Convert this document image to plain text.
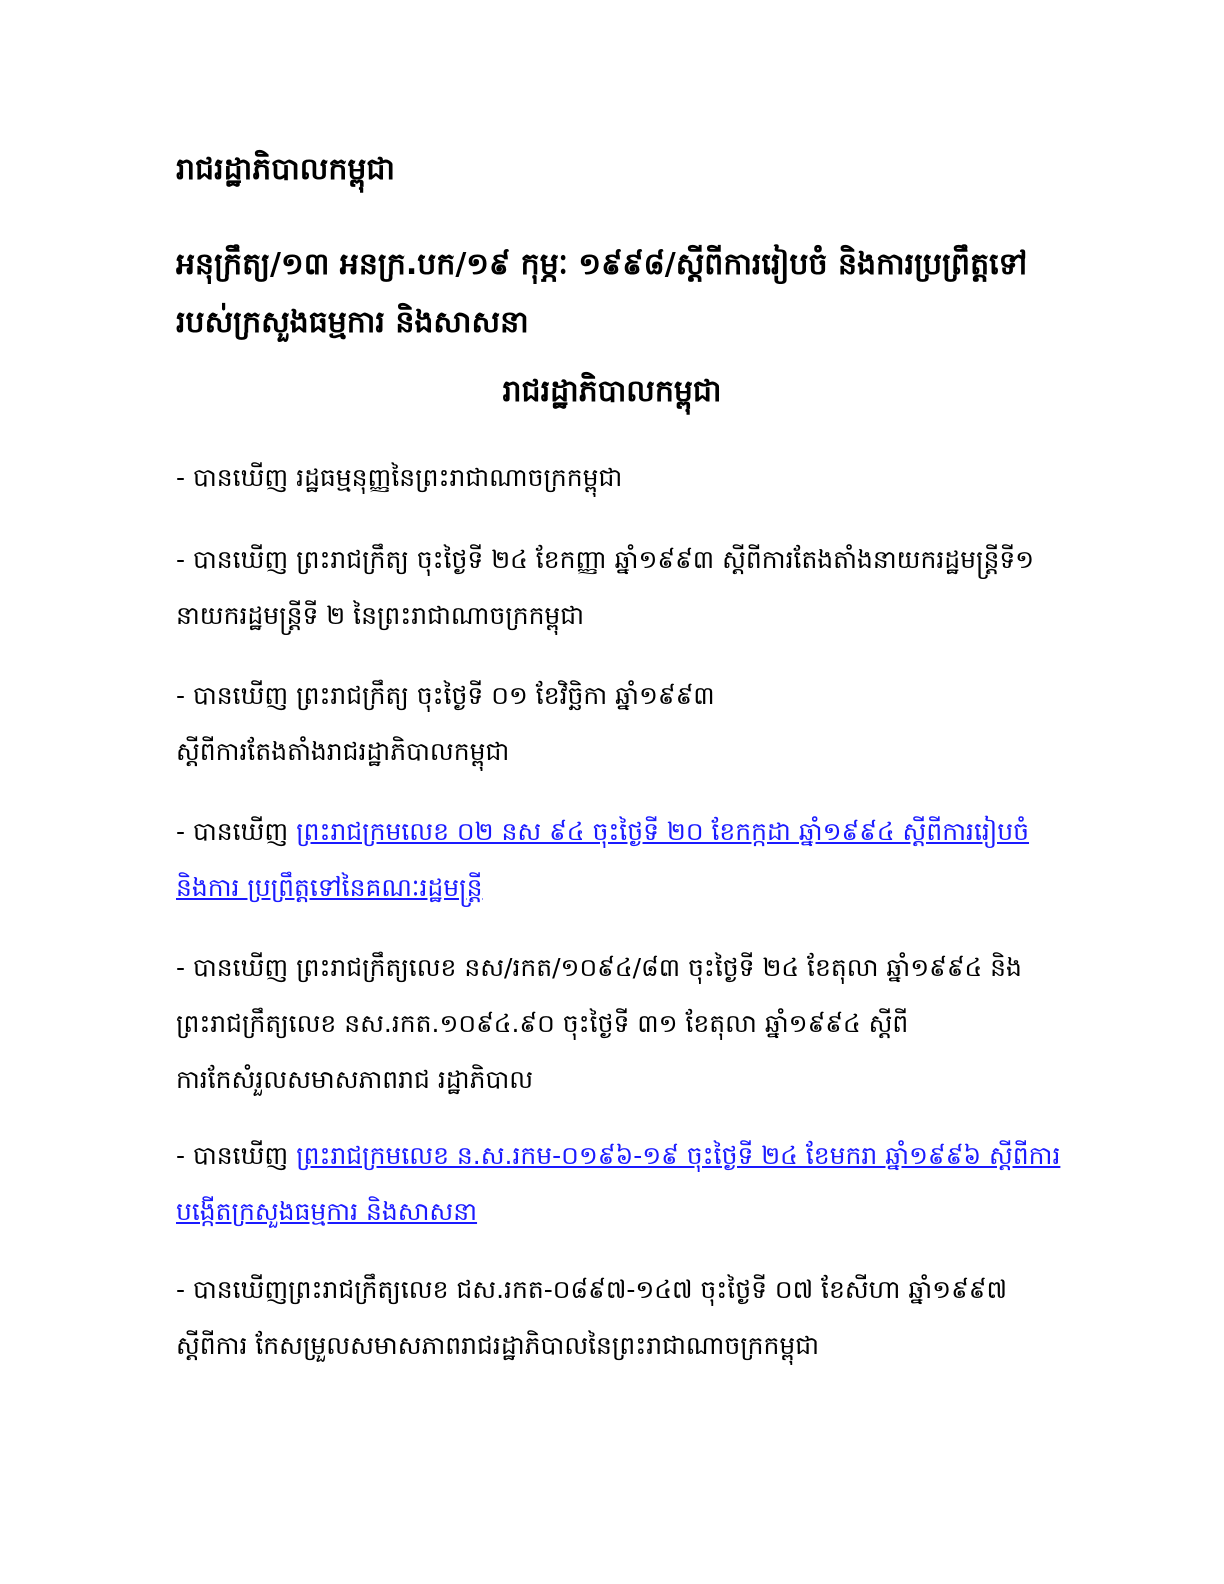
រាជរដ្ឋាភិបាលកម្ពុជា
អនុក្រឹត្យ/១៣ អនក្រ.បក/១៩ កុម្ភៈ ១៩៩៨/ស្តីពីការរៀបចំ និងការប្រព្រឹត្តទៅ
របស់ក្រសួងធម្មការ និងសាសនា
រាជរដ្ឋាភិបាលកម្ពុជា

- បានឃើញ រដ្ឋធម្មនុញ្ញនៃព្រះរាជាណាចក្រកម្ពុជា

- បានឃើញ ព្រះរាជក្រឹត្យ ចុះថ្ងៃទី ២៤ ខែកញ្ញា ឆ្នាំ១៩៩៣ ស្តីពីការតែងតាំងនាយករដ្ឋមន្ត្រីទី១
នាយករដ្ឋមន្ត្រីទី ២ នៃព្រះរាជាណាចក្រកម្ពុជា

- បានឃើញ ព្រះរាជក្រឹត្យ ចុះថ្ងៃទី ០១ ខែវិច្ឆិកា ឆ្នាំ១៩៩៣
ស្តីពីការតែងតាំងរាជរដ្ឋាភិបាលកម្ពុជា

- បានឃើញ ព្រះរាជក្រមលេខ ០២ នស ៩៤ ចុះថ្ងៃទី ២០ ខែកក្កដា ឆ្នាំ១៩៩៤ ស្តីពីការរៀបចំ
និងការ ប្រព្រឹត្តទៅនៃគណៈរដ្ឋមន្ត្រី

- បានឃើញ ព្រះរាជក្រឹត្យលេខ នស/រកត/១០៩៤/៨៣ ចុះថ្ងៃទី ២៤ ខែតុលា ឆ្នាំ១៩៩៤ និង
ព្រះរាជក្រឹត្យលេខ នស.រកត.១០៩៤.៩០ ចុះថ្ងៃទី ៣១ ខែតុលា ឆ្នាំ១៩៩៤ ស្តីពី
ការកែសំរួលសមាសភាពរាជ រដ្ឋាភិបាល

- បានឃើញ ព្រះរាជក្រមលេខ ន.ស.រកម-០១៩៦-១៩ ចុះថ្ងៃទី ២៤ ខែមករា ឆ្នាំ១៩៩៦ ស្តីពីការ
បង្កើតក្រសួងធម្មការ និងសាសនា

- បានឃើញព្រះរាជក្រឹត្យលេខ ជស.រកត-០៨៩៧-១៤៧ ចុះថ្ងៃទី ០៧ ខែសីហា ឆ្នាំ១៩៩៧
ស្តីពីការ កែសម្រួលសមាសភាពរាជរដ្ឋាភិបាលនៃព្រះរាជាណាចក្រកម្ពុជា
